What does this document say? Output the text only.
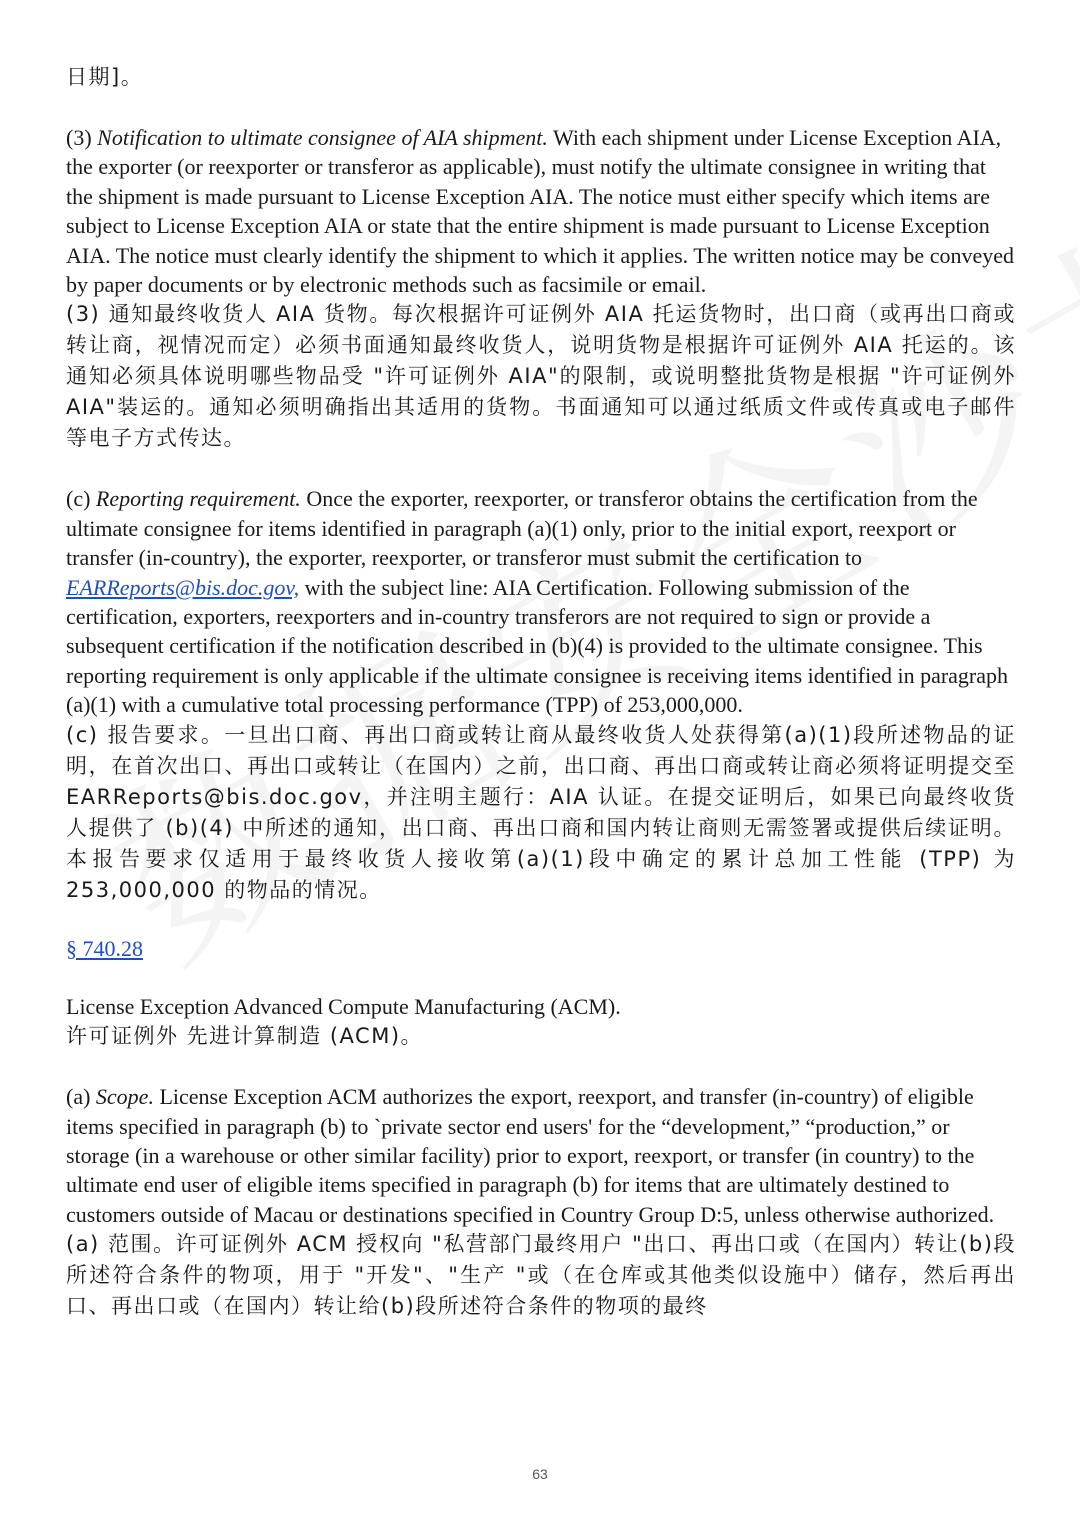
日期]。

(3) Notification to ultimate consignee of AIA shipment. With each shipment under License Exception AIA, the exporter (or reexporter or transferor as applicable), must notify the ultimate consignee in writing that the shipment is made pursuant to License Exception AIA. The notice must either specify which items are subject to License Exception AIA or state that the entire shipment is made pursuant to License Exception AIA. The notice must clearly identify the shipment to which it applies. The written notice may be conveyed by paper documents or by electronic methods such as facsimile or email.

(3) 通知最终收货人 AIA 货物。每次根据许可证例外 AIA 托运货物时，出口商（或再出口商或转让商，视情况而定）必须书面通知最终收货人，说明货物是根据许可证例外 AIA 托运的。该通知必须具体说明哪些物品受 "许可证例外 AIA"的限制，或说明整批货物是根据 "许可证例外 AIA"装运的。通知必须明确指出其适用的货物。书面通知可以通过纸质文件或传真或电子邮件等电子方式传达。

(c) Reporting requirement. Once the exporter, reexporter, or transferor obtains the certification from the ultimate consignee for items identified in paragraph (a)(1) only, prior to the initial export, reexport or transfer (in-country), the exporter, reexporter, or transferor must submit the certification to EARReports@bis.doc.gov, with the subject line: AIA Certification. Following submission of the certification, exporters, reexporters and in-country transferors are not required to sign or provide a subsequent certification if the notification described in (b)(4) is provided to the ultimate consignee. This reporting requirement is only applicable if the ultimate consignee is receiving items identified in paragraph (a)(1) with a cumulative total processing performance (TPP) of 253,000,000.

(c) 报告要求。一旦出口商、再出口商或转让商从最终收货人处获得第(a)(1)段所述物品的证明，在首次出口、再出口或转让（在国内）之前，出口商、再出口商或转让商必须将证明提交至 EARReports@bis.doc.gov，并注明主题行：AIA 认证。在提交证明后，如果已向最终收货人提供了 (b)(4) 中所述的通知，出口商、再出口商和国内转让商则无需签署或提供后续证明。本报告要求仅适用于最终收货人接收第(a)(1)段中确定的累计总加工性能 (TPP) 为 253,000,000 的物品的情况。

§ 740.28

License Exception Advanced Compute Manufacturing (ACM).

许可证例外 先进计算制造 (ACM)。

(a) Scope. License Exception ACM authorizes the export, reexport, and transfer (in-country) of eligible items specified in paragraph (b) to `private sector end users' for the “development,” “production,” or storage (in a warehouse or other similar facility) prior to export, reexport, or transfer (in country) to the ultimate end user of eligible items specified in paragraph (b) for items that are ultimately destined to customers outside of Macau or destinations specified in Country Group D:5, unless otherwise authorized.

(a) 范围。许可证例外 ACM 授权向 "私营部门最终用户 "出口、再出口或（在国内）转让(b)段所述符合条件的物项，用于 "开发"、"生产 "或（在仓库或其他类似设施中）储存，然后再出口、再出口或（在国内）转让给(b)段所述符合条件的物项的最终

63
